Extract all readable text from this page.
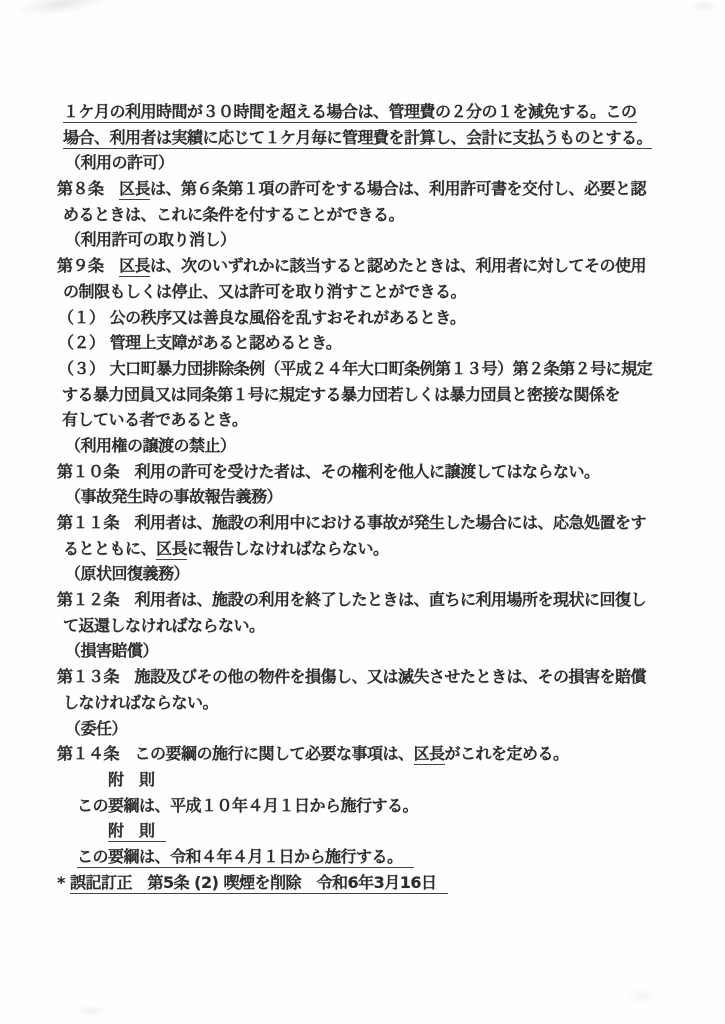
１ケ月の利用時間が３０時間を超える場合は、管理費の２分の１を減免する。この
場合、利用者は実績に応じて１ケ月毎に管理費を計算し、会計に支払うものとする。
（利用の許可）
第８条　区長は、第６条第１項の許可をする場合は、利用許可書を交付し、必要と認
めるときは、これに条件を付することができる。
（利用許可の取り消し）
第９条　区長は、次のいずれかに該当すると認めたときは、利用者に対してその使用
の制限もしくは停止、又は許可を取り消すことができる。
（１） 公の秩序又は善良な風俗を乱すおそれがあるとき。
（２） 管理上支障があると認めるとき。
（３） 大口町暴力団排除条例（平成２４年大口町条例第１３号）第２条第２号に規定
する暴力団員又は同条第１号に規定する暴力団若しくは暴力団員と密接な関係を
有している者であるとき。
（利用権の譲渡の禁止）
第１０条　利用の許可を受けた者は、その権利を他人に譲渡してはならない。
（事故発生時の事故報告義務）
第１１条　利用者は、施設の利用中における事故が発生した場合には、応急処置をす
るとともに、区長に報告しなければならない。
（原状回復義務）
第１２条　利用者は、施設の利用を終了したときは、直ちに利用場所を現状に回復し
て返還しなければならない。
（損害賠償）
第１３条　施設及びその他の物件を損傷し、又は滅失させたときは、その損害を賠償
しなければならない。
（委任）
第１４条　この要綱の施行に関して必要な事項は、区長がこれを定める。
附　則
この要綱は、平成１０年４月１日から施行する。
附　則
この要綱は、令和４年４月１日から施行する。
* 誤記訂正　第5条 (2) 喫煙を削除　令和6年3月16日
